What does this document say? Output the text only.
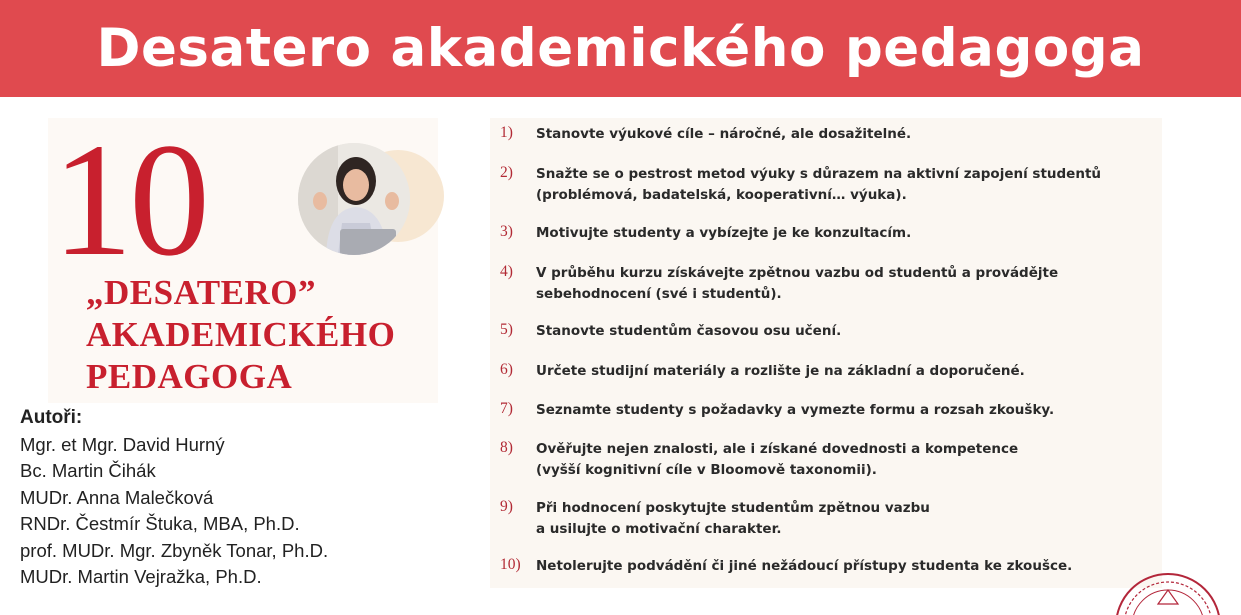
Desatero akademického pedagoga
10
„DESATERO”
AKADEMICKÉHO
PEDAGOGA
Autoři:
Mgr. et Mgr. David Hurný
Bc. Martin Čihák
MUDr. Anna Malečková
RNDr. Čestmír Štuka, MBA, Ph.D.
prof. MUDr. Mgr. Zbyněk Tonar, Ph.D.
MUDr. Martin Vejražka, Ph.D.
1)	Stanovte výukové cíle – náročné, ale dosažitelné.
2)	Snažte se o pestrost metod výuky s důrazem na aktivní zapojení studentů
(problémová, badatelská, kooperativní… výuka).
3)	Motivujte studenty a vybízejte je ke konzultacím.
4)	V průběhu kurzu získávejte zpětnou vazbu od studentů a provádějte
sebehodnocení (své i studentů).
5)	Stanovte studentům časovou osu učení.
6)	Určete studijní materiály a rozlište je na základní a doporučené.
7)	Seznamte studenty s požadavky a vymezte formu a rozsah zkoušky.
8)	Ověřujte nejen znalosti, ale i získané dovednosti a kompetence
(vyšší kognitivní cíle v Bloomově taxonomii).
9)	Při hodnocení poskytujte studentům zpětnou vazbu
a usilujte o motivační charakter.
10)	Netolerujte podvádění či jiné nežádoucí přístupy studenta ke zkoušce.
